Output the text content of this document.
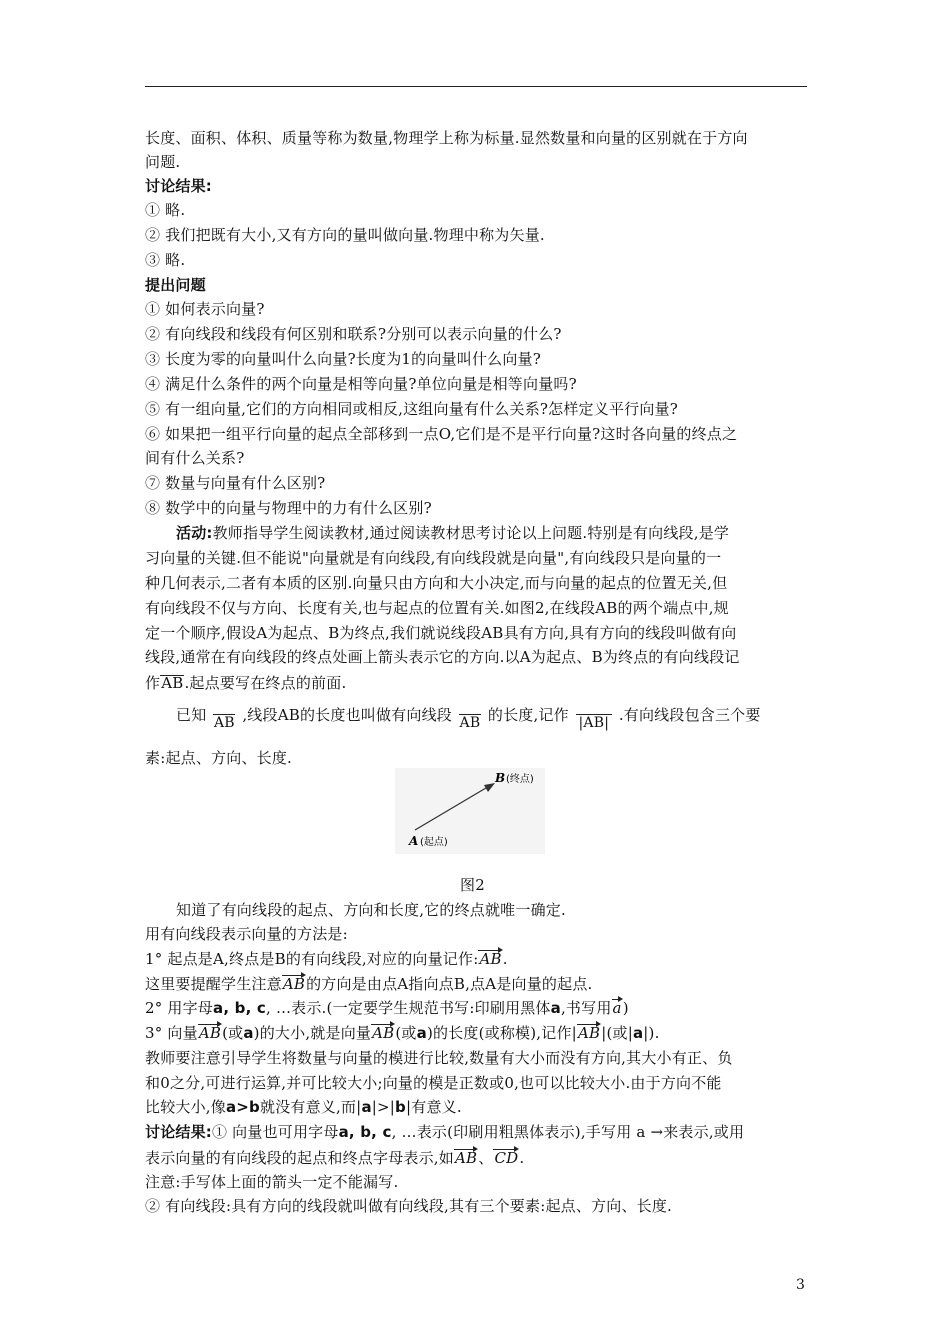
长度、面积、体积、质量等称为数量,物理学上称为标量.显然数量和向量的区别就在于方向
问题.
讨论结果:
① 略.
② 我们把既有大小,又有方向的量叫做向量.物理中称为矢量.
③ 略.
提出问题
① 如何表示向量?
② 有向线段和线段有何区别和联系?分别可以表示向量的什么?
③ 长度为零的向量叫什么向量?长度为1的向量叫什么向量?
④ 满足什么条件的两个向量是相等向量?单位向量是相等向量吗?
⑤ 有一组向量,它们的方向相同或相反,这组向量有什么关系?怎样定义平行向量?
⑥ 如果把一组平行向量的起点全部移到一点O,它们是不是平行向量?这时各向量的终点之
间有什么关系?
⑦ 数量与向量有什么区别?
⑧ 数学中的向量与物理中的力有什么区别?
活动:教师指导学生阅读教材,通过阅读教材思考讨论以上问题.特别是有向线段,是学
习向量的关键.但不能说"向量就是有向线段,有向线段就是向量",有向线段只是向量的一
种几何表示,二者有本质的区别.向量只由方向和大小决定,而与向量的起点的位置无关,但
有向线段不仅与方向、长度有关,也与起点的位置有关.如图2,在线段AB的两个端点中,规
定一个顺序,假设A为起点、B为终点,我们就说线段AB具有方向,具有方向的线段叫做有向
线段,通常在有向线段的终点处画上箭头表示它的方向.以A为起点、B为终点的有向线段记
作AB.起点要写在终点的前面.
已知 AB ,线段AB的长度也叫做有向线段 AB 的长度,记作 |AB| .有向线段包含三个要
素:起点、方向、长度.
A (起点)
B (终点)
图2
知道了有向线段的起点、方向和长度,它的终点就唯一确定.
用有向线段表示向量的方法是:
1° 起点是A,终点是B的有向线段,对应的向量记作:AB.
这里要提醒学生注意AB的方向是由点A指向点B,点A是向量的起点.
2° 用字母a, b, c, …表示.(一定要学生规范书写:印刷用黑体a,书写用a)
3° 向量AB(或a)的大小,就是向量AB(或a)的长度(或称模),记作|AB|(或|a|).
教师要注意引导学生将数量与向量的模进行比较,数量有大小而没有方向,其大小有正、负
和0之分,可进行运算,并可比较大小;向量的模是正数或0,也可以比较大小.由于方向不能
比较大小,像a>b就没有意义,而|a|>|b|有意义.
讨论结果:① 向量也可用字母a, b, c, …表示(印刷用粗黑体表示),手写用 a →来表示,或用
表示向量的有向线段的起点和终点字母表示,如AB、CD.
注意:手写体上面的箭头一定不能漏写.
② 有向线段:具有方向的线段就叫做有向线段,其有三个要素:起点、方向、长度.
3
